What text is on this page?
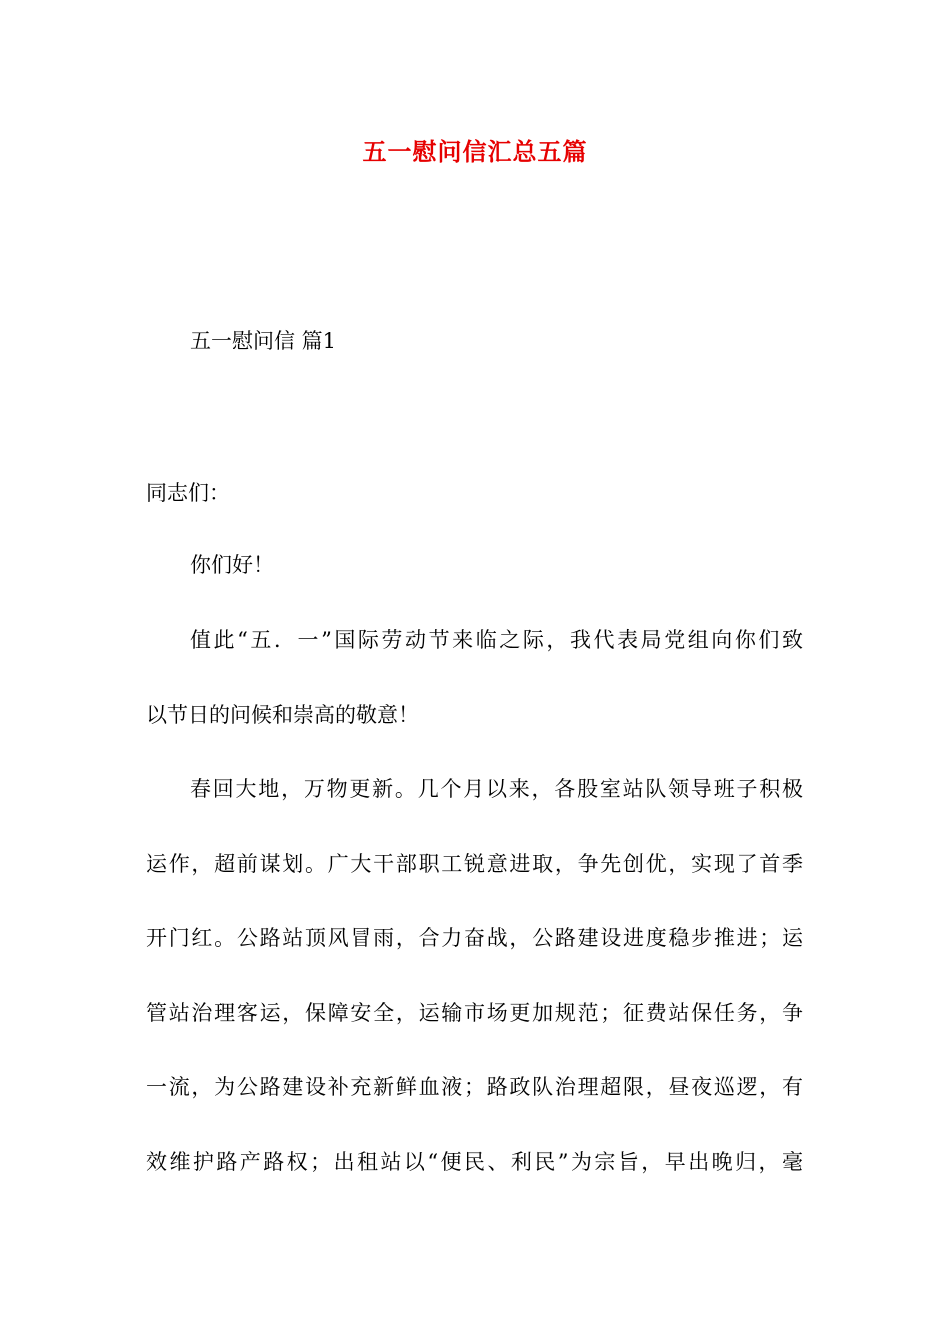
五一慰问信汇总五篇
五一慰问信 篇1
同志们：
你们好！
值此“五．一”国际劳动节来临之际，我代表局党组向你们致
以节日的问候和崇高的敬意！
春回大地，万物更新。几个月以来，各股室站队领导班子积极
运作，超前谋划。广大干部职工锐意进取，争先创优，实现了首季
开门红。公路站顶风冒雨，合力奋战，公路建设进度稳步推进；运
管站治理客运，保障安全，运输市场更加规范；征费站保任务，争
一流，为公路建设补充新鲜血液；路政队治理超限，昼夜巡逻，有
效维护路产路权；出租站以“便民、利民”为宗旨，早出晚归，毫
